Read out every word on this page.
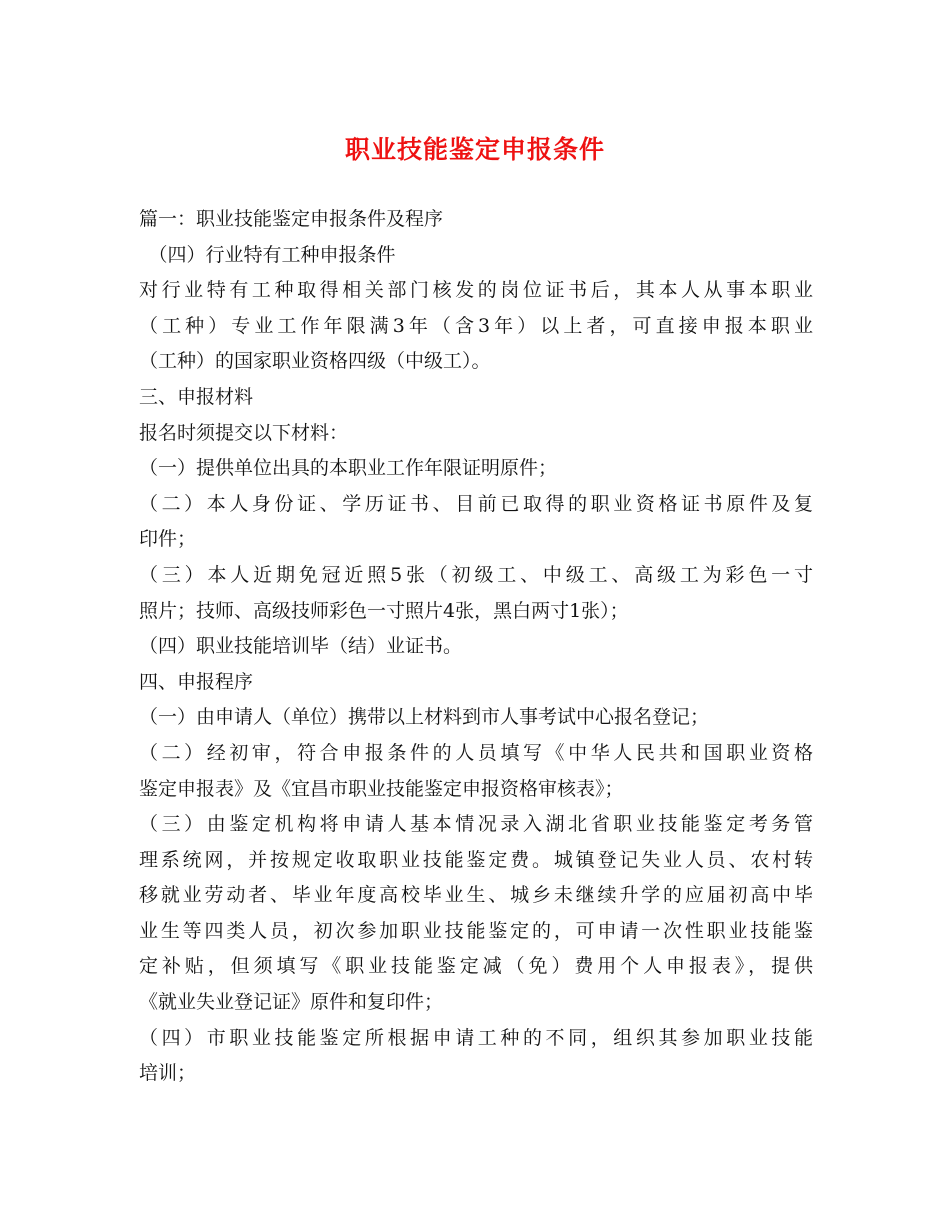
职业技能鉴定申报条件
篇一：职业技能鉴定申报条件及程序
　（四）行业特有工种申报条件
对行业特有工种取得相关部门核发的岗位证书后，其本人从事本职业
（工种）专业工作年限满3年（含3年）以上者，可直接申报本职业
（工种）的国家职业资格四级（中级工）。
三、申报材料
报名时须提交以下材料：
（一）提供单位出具的本职业工作年限证明原件；
（二）本人身份证、学历证书、目前已取得的职业资格证书原件及复
印件；
（三）本人近期免冠近照5张（初级工、中级工、高级工为彩色一寸
照片；技师、高级技师彩色一寸照片4张，黑白两寸1张）；
（四）职业技能培训毕（结）业证书。
四、申报程序
（一）由申请人（单位）携带以上材料到市人事考试中心报名登记；
（二）经初审，符合申报条件的人员填写《中华人民共和国职业资格
鉴定申报表》及《宜昌市职业技能鉴定申报资格审核表》；
（三）由鉴定机构将申请人基本情况录入湖北省职业技能鉴定考务管
理系统网，并按规定收取职业技能鉴定费。城镇登记失业人员、农村转
移就业劳动者、毕业年度高校毕业生、城乡未继续升学的应届初高中毕
业生等四类人员，初次参加职业技能鉴定的，可申请一次性职业技能鉴
定补贴，但须填写《职业技能鉴定减（免）费用个人申报表》，提供
《就业失业登记证》原件和复印件；
（四）市职业技能鉴定所根据申请工种的不同，组织其参加职业技能
培训；
